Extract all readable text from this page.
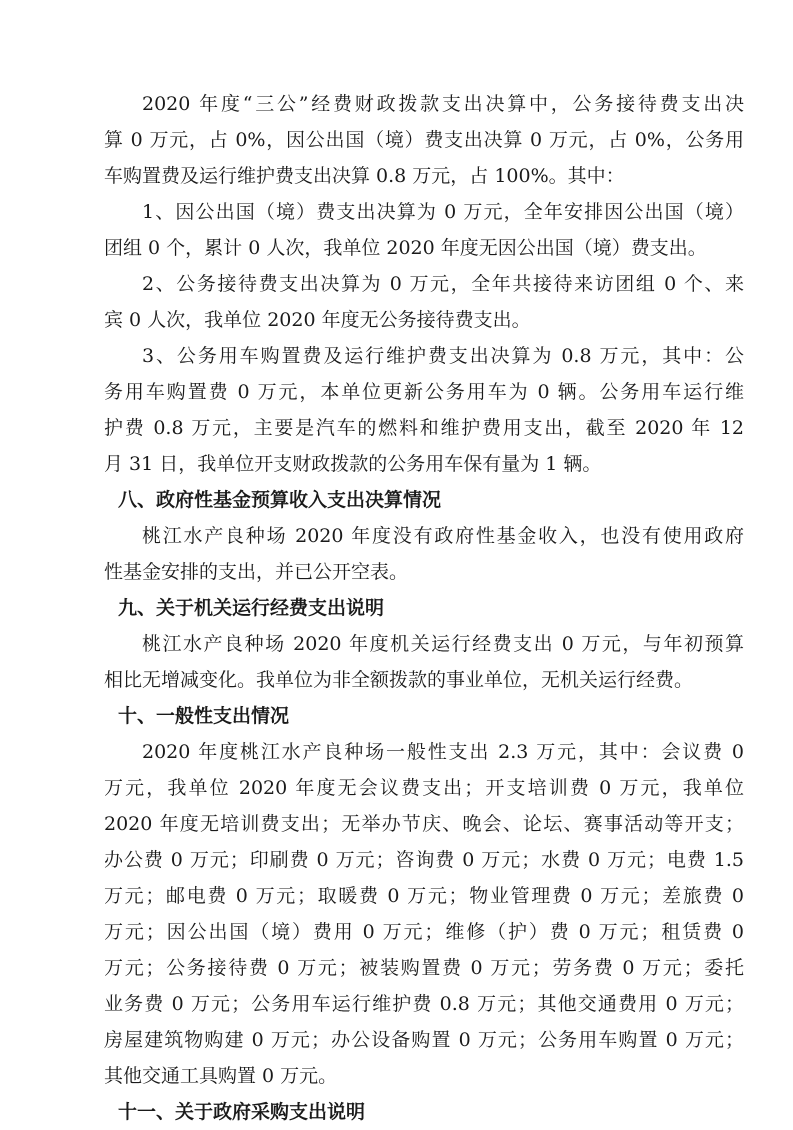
2020 年度“三公”经费财政拨款支出决算中，公务接待费支出决
算 0 万元，占 0%，因公出国（境）费支出决算 0 万元，占 0%，公务用
车购置费及运行维护费支出决算 0.8 万元，占 100%。其中：
1、因公出国（境）费支出决算为 0 万元，全年安排因公出国（境）
团组 0 个，累计 0 人次，我单位 2020 年度无因公出国（境）费支出。
2、公务接待费支出决算为 0 万元，全年共接待来访团组 0 个、来
宾 0 人次，我单位 2020 年度无公务接待费支出。
3、公务用车购置费及运行维护费支出决算为 0.8 万元，其中：公
务用车购置费 0 万元，本单位更新公务用车为 0 辆。公务用车运行维
护费 0.8 万元，主要是汽车的燃料和维护费用支出，截至 2020 年 12
月 31 日，我单位开支财政拨款的公务用车保有量为 1 辆。
八、政府性基金预算收入支出决算情况
桃江水产良种场 2020 年度没有政府性基金收入，也没有使用政府
性基金安排的支出，并已公开空表。
九、关于机关运行经费支出说明
桃江水产良种场 2020 年度机关运行经费支出 0 万元，与年初预算
相比无增减变化。我单位为非全额拨款的事业单位，无机关运行经费。
十、一般性支出情况
2020 年度桃江水产良种场一般性支出 2.3 万元，其中：会议费 0
万元，我单位 2020 年度无会议费支出；开支培训费 0 万元，我单位
2020 年度无培训费支出；无举办节庆、晚会、论坛、赛事活动等开支；
办公费 0 万元；印刷费 0 万元；咨询费 0 万元；水费 0 万元；电费 1.5
万元；邮电费 0 万元；取暖费 0 万元；物业管理费 0 万元；差旅费 0
万元；因公出国（境）费用 0 万元；维修（护）费 0 万元；租赁费 0
万元；公务接待费 0 万元；被装购置费 0 万元；劳务费 0 万元；委托
业务费 0 万元；公务用车运行维护费 0.8 万元；其他交通费用 0 万元；
房屋建筑物购建 0 万元；办公设备购置 0 万元；公务用车购置 0 万元；
其他交通工具购置 0 万元。
十一、关于政府采购支出说明
